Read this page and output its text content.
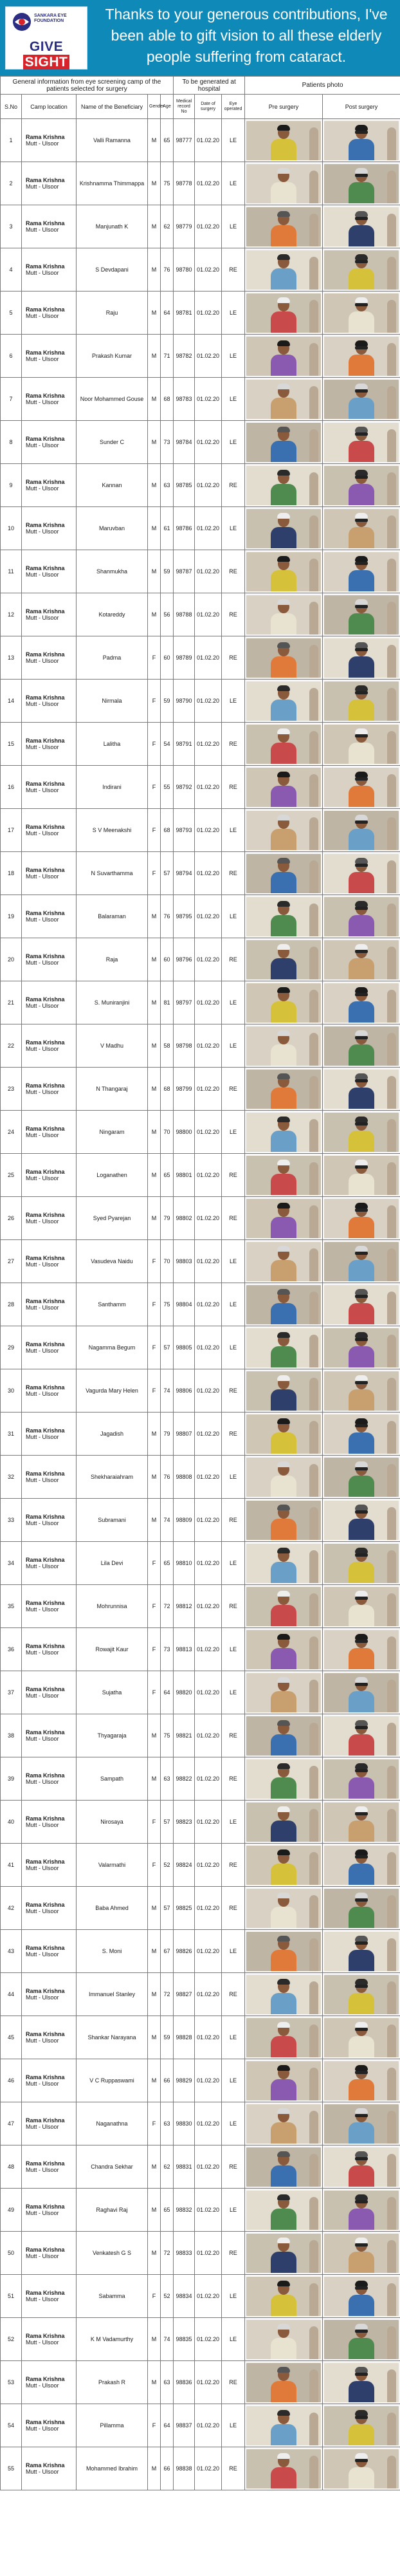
SANKARA EYE FOUNDATION
GIVE SIGHT
Thanks to your generous contributions, I've been able to gift vision to all these elderly people suffering from cataract.
General information from eye screening camp of the patients selected for surgery					To be generated at hospital			Patients photo	
S.No	Camp location	Name of the Beneficiary	Gender	Age	Medical record No	Date of surgery	Eye operated	Pre surgery	Post surgery
1	Rama Krishna
Mutt - Ulsoor	Valli Ramanna	M	65	98777	01.02.20	LE	

2	Rama Krishna
Mutt - Ulsoor	Krishnamma Thimmappa	M	75	98778	01.02.20	LE	

3	Rama Krishna
Mutt - Ulsoor	Manjunath K	M	62	98779	01.02.20	LE	

4	Rama Krishna
Mutt - Ulsoor	S Devdapani	M	76	98780	01.02.20	RE	

5	Rama Krishna
Mutt - Ulsoor	Raju	M	64	98781	01.02.20	LE	

6	Rama Krishna
Mutt - Ulsoor	Prakash Kumar	M	71	98782	01.02.20	LE	

7	Rama Krishna
Mutt - Ulsoor	Noor Mohammed Gouse	M	68	98783	01.02.20	LE	

8	Rama Krishna
Mutt - Ulsoor	Sunder C	M	73	98784	01.02.20	LE	

9	Rama Krishna
Mutt - Ulsoor	Kannan	M	63	98785	01.02.20	RE	

10	Rama Krishna
Mutt - Ulsoor	Maruvban	M	61	98786	01.02.20	LE	

11	Rama Krishna
Mutt - Ulsoor	Shanmukha	M	59	98787	01.02.20	RE	

12	Rama Krishna
Mutt - Ulsoor	Kotareddy	M	56	98788	01.02.20	RE	

13	Rama Krishna
Mutt - Ulsoor	Padma	F	60	98789	01.02.20	RE	

14	Rama Krishna
Mutt - Ulsoor	Nirmala	F	59	98790	01.02.20	LE	

15	Rama Krishna
Mutt - Ulsoor	Lalitha	F	54	98791	01.02.20	RE	

16	Rama Krishna
Mutt - Ulsoor	Indirani	F	55	98792	01.02.20	RE	

17	Rama Krishna
Mutt - Ulsoor	S V Meenakshi	F	68	98793	01.02.20	LE	

18	Rama Krishna
Mutt - Ulsoor	N Suvarthamma	F	57	98794	01.02.20	RE	

19	Rama Krishna
Mutt - Ulsoor	Balaraman	M	76	98795	01.02.20	LE	

20	Rama Krishna
Mutt - Ulsoor	Raja	M	60	98796	01.02.20	RE	

21	Rama Krishna
Mutt - Ulsoor	S. Muniranjini	M	81	98797	01.02.20	LE	

22	Rama Krishna
Mutt - Ulsoor	V Madhu	M	58	98798	01.02.20	LE	

23	Rama Krishna
Mutt - Ulsoor	N Thangaraj	M	68	98799	01.02.20	RE	

24	Rama Krishna
Mutt - Ulsoor	Ningaram	M	70	98800	01.02.20	LE	

25	Rama Krishna
Mutt - Ulsoor	Loganathen	M	65	98801	01.02.20	RE	

26	Rama Krishna
Mutt - Ulsoor	Syed Pyarejan	M	79	98802	01.02.20	RE	

27	Rama Krishna
Mutt - Ulsoor	Vasudeva Naidu	F	70	98803	01.02.20	LE	

28	Rama Krishna
Mutt - Ulsoor	Santhamm	F	75	98804	01.02.20	LE	

29	Rama Krishna
Mutt - Ulsoor	Nagamma Begum	F	57	98805	01.02.20	LE	

30	Rama Krishna
Mutt - Ulsoor	Vagurda Mary Helen	F	74	98806	01.02.20	RE	

31	Rama Krishna
Mutt - Ulsoor	Jagadish	M	79	98807	01.02.20	RE	

32	Rama Krishna
Mutt - Ulsoor	Shekharaiahram	M	76	98808	01.02.20	LE	

33	Rama Krishna
Mutt - Ulsoor	Subramani	M	74	98809	01.02.20	RE	

34	Rama Krishna
Mutt - Ulsoor	Lila Devi	F	65	98810	01.02.20	LE	

35	Rama Krishna
Mutt - Ulsoor	Mohrunnisa	F	72	98812	01.02.20	RE	

36	Rama Krishna
Mutt - Ulsoor	Rowajit Kaur	F	73	98813	01.02.20	LE	

37	Rama Krishna
Mutt - Ulsoor	Sujatha	F	64	98820	01.02.20	LE	

38	Rama Krishna
Mutt - Ulsoor	Thyagaraja	M	75	98821	01.02.20	RE	

39	Rama Krishna
Mutt - Ulsoor	Sampath	M	63	98822	01.02.20	RE	

40	Rama Krishna
Mutt - Ulsoor	Nirosaya	F	57	98823	01.02.20	LE	

41	Rama Krishna
Mutt - Ulsoor	Valarmathi	F	52	98824	01.02.20	RE	

42	Rama Krishna
Mutt - Ulsoor	Baba Ahmed	M	57	98825	01.02.20	RE	

43	Rama Krishna
Mutt - Ulsoor	S. Moni	M	67	98826	01.02.20	LE	

44	Rama Krishna
Mutt - Ulsoor	Immanuel Stanley	M	72	98827	01.02.20	RE	

45	Rama Krishna
Mutt - Ulsoor	Shankar Narayana	M	59	98828	01.02.20	LE	

46	Rama Krishna
Mutt - Ulsoor	V C Ruppaswami	M	66	98829	01.02.20	LE	

47	Rama Krishna
Mutt - Ulsoor	Naganathna	F	63	98830	01.02.20	LE	

48	Rama Krishna
Mutt - Ulsoor	Chandra Sekhar	M	62	98831	01.02.20	RE	

49	Rama Krishna
Mutt - Ulsoor	Raghavi Raj	M	65	98832	01.02.20	LE	

50	Rama Krishna
Mutt - Ulsoor	Venkatesh G S	M	72	98833	01.02.20	RE	

51	Rama Krishna
Mutt - Ulsoor	Sabamma	F	52	98834	01.02.20	LE	

52	Rama Krishna
Mutt - Ulsoor	K M Vadamurthy	M	74	98835	01.02.20	LE	

53	Rama Krishna
Mutt - Ulsoor	Prakash R	M	63	98836	01.02.20	RE	

54	Rama Krishna
Mutt - Ulsoor	Pillamma	F	64	98837	01.02.20	LE	

55	Rama Krishna
Mutt - Ulsoor	Mohammed Ibrahim	M	66	98838	01.02.20	RE	
